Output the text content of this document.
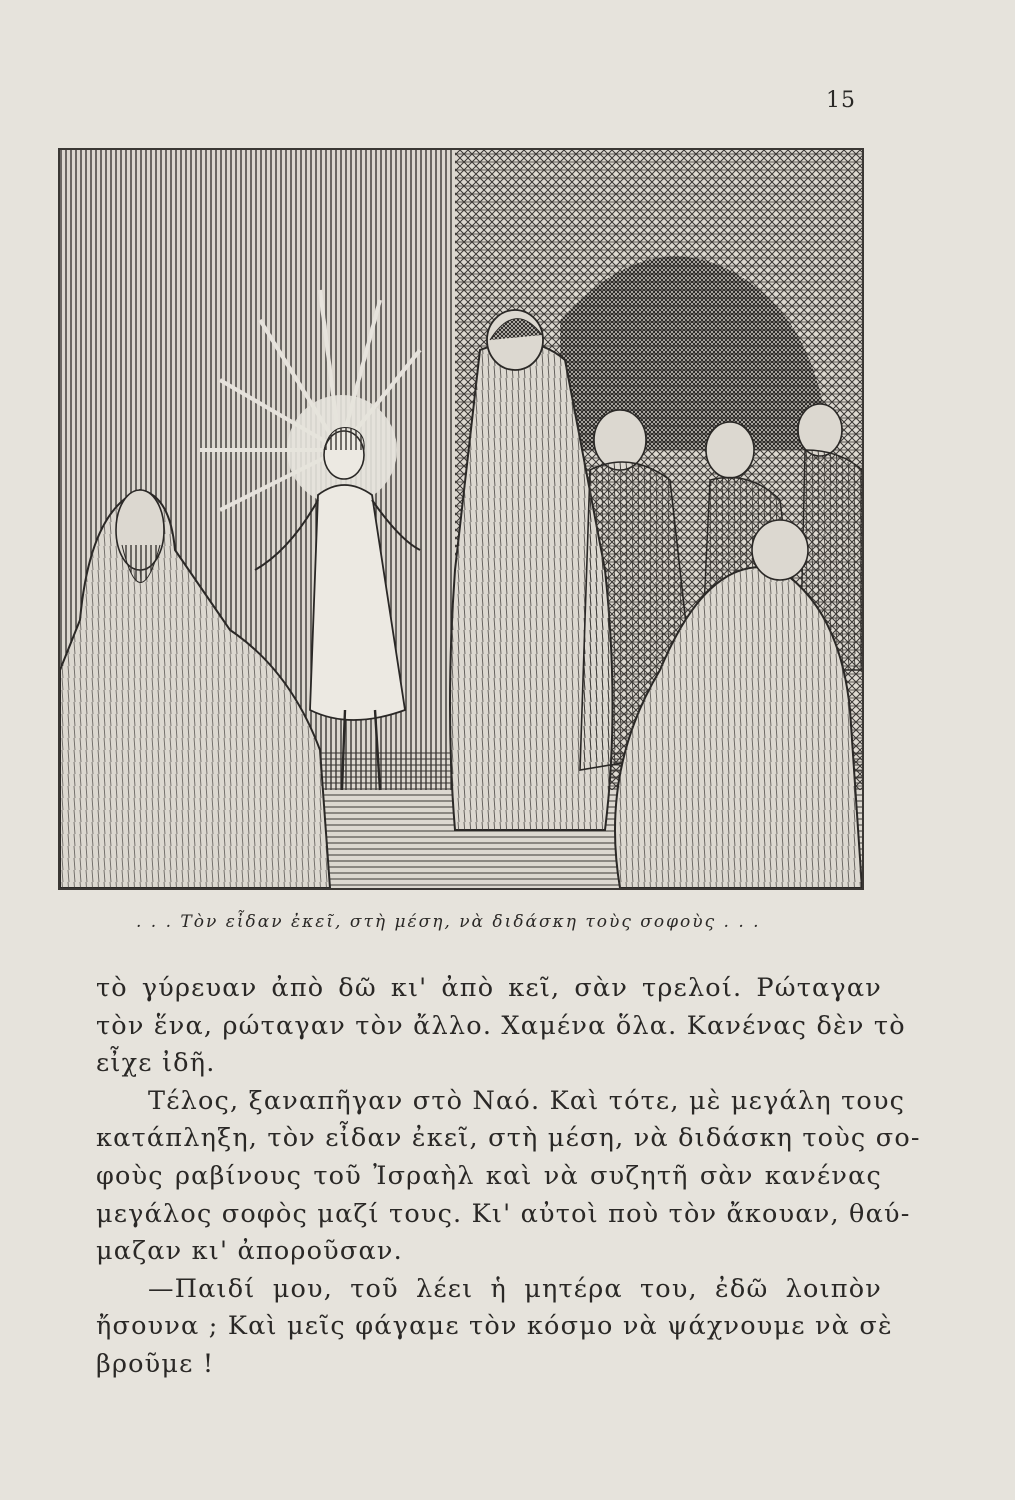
15
. . . Τὸν εἶδαν ἐκεῖ, στὴ μέση, νὰ διδάσκη τοὺς σοφοὺς . . .
τὸ γύρευαν ἀπὸ δῶ κι' ἀπὸ κεῖ, σὰν τρελοί. Ρώταγαν
τὸν ἕνα, ρώταγαν τὸν ἄλλο. Χαμένα ὅλα. Κανένας δὲν τὸ
εἶχε ἰδῆ.
Τέλος, ξαναπῆγαν στὸ Ναό. Καὶ τότε, μὲ μεγάλη τους
κατάπληξη, τὸν εἶδαν ἐκεῖ, στὴ μέση, νὰ διδάσκη τοὺς σο-
φοὺς ραβίνους τοῦ Ἰσραὴλ καὶ νὰ συζητῆ σὰν κανένας
μεγάλος σοφὸς μαζί τους. Κι' αὐτοὶ ποὺ τὸν ἄκουαν, θαύ-
μαζαν κι' ἀποροῦσαν.
—Παιδί μου, τοῦ λέει ἡ μητέρα του, ἐδῶ λοιπὸν
ἤσουνα ; Καὶ μεῖς φάγαμε τὸν κόσμο νὰ ψάχνουμε νὰ σὲ
βροῦμε !
